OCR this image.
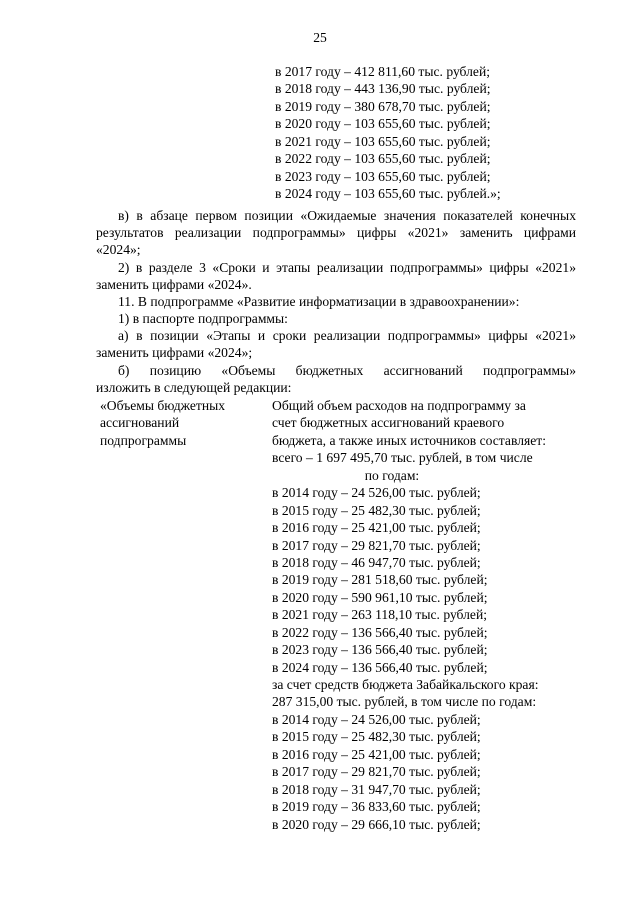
25
в 2017 году – 412 811,60 тыс. рублей;
в 2018 году – 443 136,90 тыс. рублей;
в 2019 году – 380 678,70 тыс. рублей;
в 2020 году – 103 655,60 тыс. рублей;
в 2021 году – 103 655,60 тыс. рублей;
в 2022 году – 103 655,60 тыс. рублей;
в 2023 году – 103 655,60 тыс. рублей;
в 2024 году – 103 655,60 тыс. рублей.»;
в) в абзаце первом позиции «Ожидаемые значения показателей конечных
результатов реализации подпрограммы» цифры «2021» заменить цифрами
«2024»;
2) в разделе 3 «Сроки и этапы реализации подпрограммы» цифры «2021»
заменить цифрами «2024».
11. В подпрограмме «Развитие информатизации в здравоохранении»:
1) в паспорте подпрограммы:
а) в позиции «Этапы и сроки реализации подпрограммы» цифры «2021»
заменить цифрами «2024»;
б) позицию «Объемы бюджетных ассигнований подпрограммы»
изложить в следующей редакции:
«Объемы бюджетных
ассигнований
подпрограммы
Общий объем расходов на подпрограмму за
счет бюджетных ассигнований краевого
бюджета, а также иных источников составляет:
всего – 1 697 495,70 тыс. рублей, в том числе
по годам:
в 2014 году – 24 526,00 тыс. рублей;
в 2015 году – 25 482,30 тыс. рублей;
в 2016 году – 25 421,00 тыс. рублей;
в 2017 году – 29 821,70 тыс. рублей;
в 2018 году – 46 947,70 тыс. рублей;
в 2019 году – 281 518,60 тыс. рублей;
в 2020 году – 590 961,10 тыс. рублей;
в 2021 году – 263 118,10 тыс. рублей;
в 2022 году – 136 566,40 тыс. рублей;
в 2023 году – 136 566,40 тыс. рублей;
в 2024 году – 136 566,40 тыс. рублей;
за счет средств бюджета Забайкальского края:
287 315,00 тыс. рублей, в том числе по годам:
в 2014 году – 24 526,00 тыс. рублей;
в 2015 году – 25 482,30 тыс. рублей;
в 2016 году – 25 421,00 тыс. рублей;
в 2017 году – 29 821,70 тыс. рублей;
в 2018 году – 31 947,70 тыс. рублей;
в 2019 году – 36 833,60 тыс. рублей;
в 2020 году – 29 666,10 тыс. рублей;
